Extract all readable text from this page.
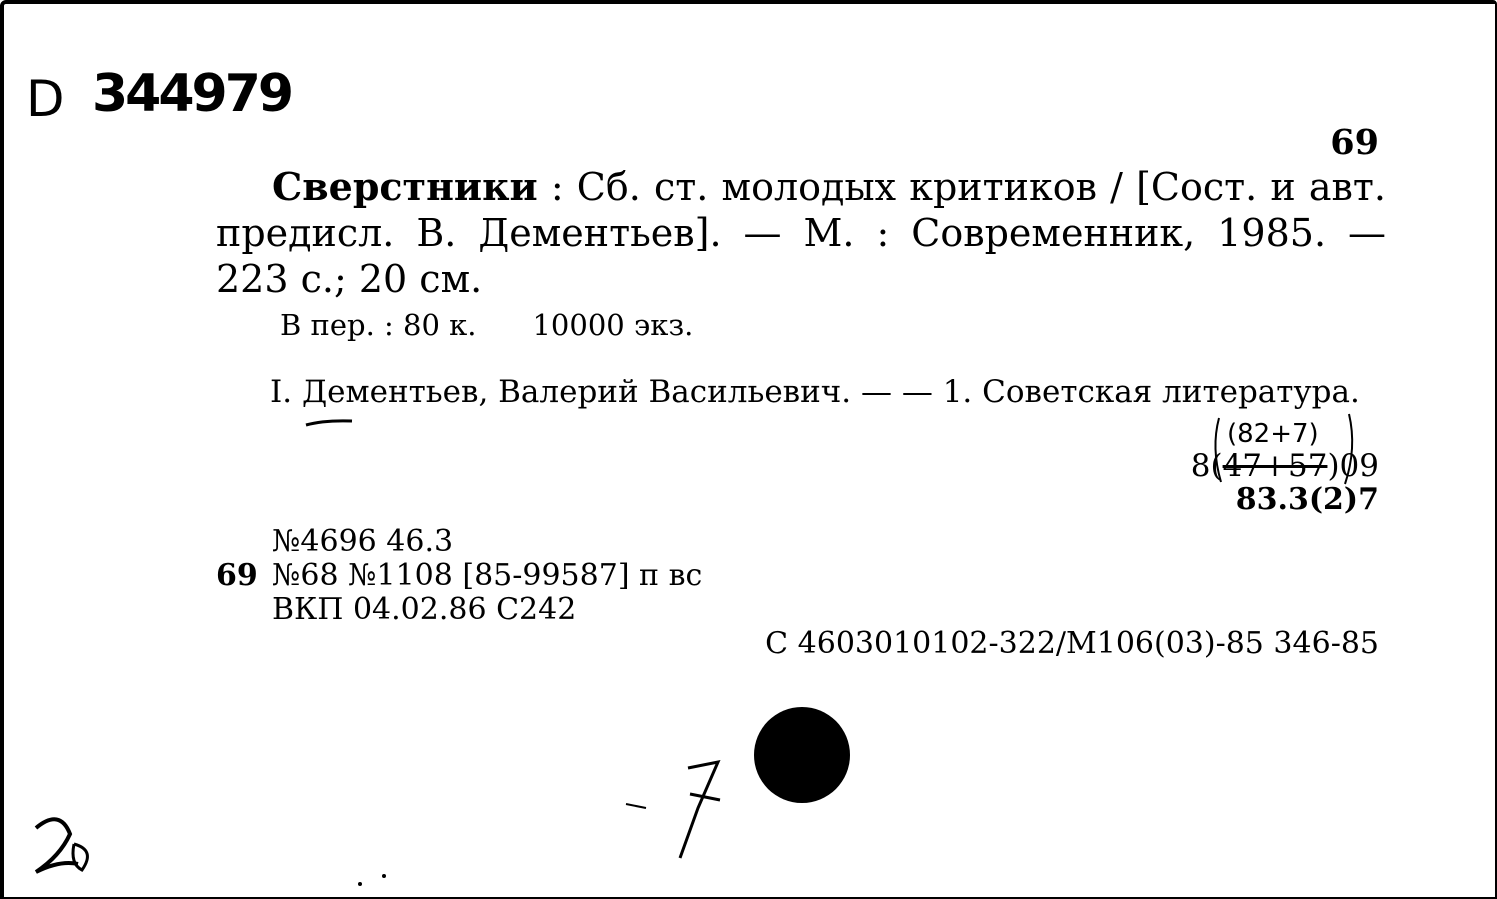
D 344979
69
Сверстники : Сб. ст. молодых критиков / [Сост. и авт. предисл. В. Дементьев]. — М. : Современник, 1985. — 223 с.; 20 см.
В пер. : 80 к. 10000 экз.
I. Дементьев, Валерий Васильевич. — — 1. Советская литература.
(82+7)
8(47+57)09
83.3(2)7
№4696 46.3
69 №68 №1108 [85-99587] п вс
ВКП 04.02.86 С242
С 4603010102-322/М106(03)-85 346-85
7
2
